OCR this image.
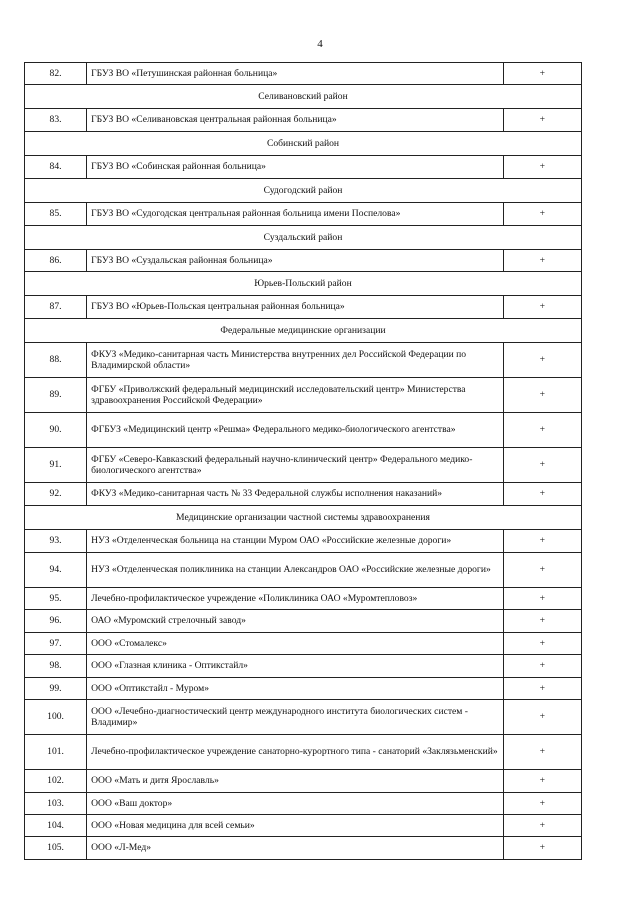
4
82.	ГБУЗ ВО «Петушинская районная больница»	+
Селивановский район		
83.	ГБУЗ ВО «Селивановская центральная районная больница»	+
Собинский район		
84.	ГБУЗ ВО «Собинская районная больница»	+
Судогодский район		
85.	ГБУЗ ВО «Судогодская центральная районная больница имени Поспелова»	+
Суздальский район		
86.	ГБУЗ ВО «Суздальская районная больница»	+
Юрьев-Польский район		
87.	ГБУЗ ВО «Юрьев-Польская центральная районная больница»	+
Федеральные медицинские организации		
88.	ФКУЗ «Медико-санитарная часть Министерства внутренних дел Российской Федерации по Владимирской области»	+
89.	ФГБУ «Приволжский федеральный медицинский исследовательский центр» Министерства здравоохранения Российской Федерации»	+
90.	ФГБУЗ «Медицинский центр «Решма» Федерального медико-биологического агентства»	+
91.	ФГБУ «Северо-Кавказский федеральный научно-клинический центр» Федерального медико-биологического агентства»	+
92.	ФКУЗ «Медико-санитарная часть № 33 Федеральной службы исполнения наказаний»	+
Медицинские организации частной системы здравоохранения		
93.	НУЗ «Отделенческая больница на станции Муром ОАО «Российские железные дороги»	+
94.	НУЗ «Отделенческая поликлиника на станции Александров ОАО «Российские железные дороги»	+
95.	Лечебно-профилактическое учреждение «Поликлиника ОАО «Муромтепловоз»	+
96.	ОАО «Муромский стрелочный завод»	+
97.	ООО «Стомалекс»	+
98.	ООО «Глазная клиника - Оптикстайл»	+
99.	ООО «Оптикстайл - Муром»	+
100.	ООО «Лечебно-диагностический центр международного института биологических систем - Владимир»	+
101.	Лечебно-профилактическое учреждение санаторно-курортного типа - санаторий «Заклязьменский»	+
102.	ООО «Мать и дитя Ярославль»	+
103.	ООО «Ваш доктор»	+
104.	ООО «Новая медицина для всей семьи»	+
105.	ООО «Л-Мед»	+
